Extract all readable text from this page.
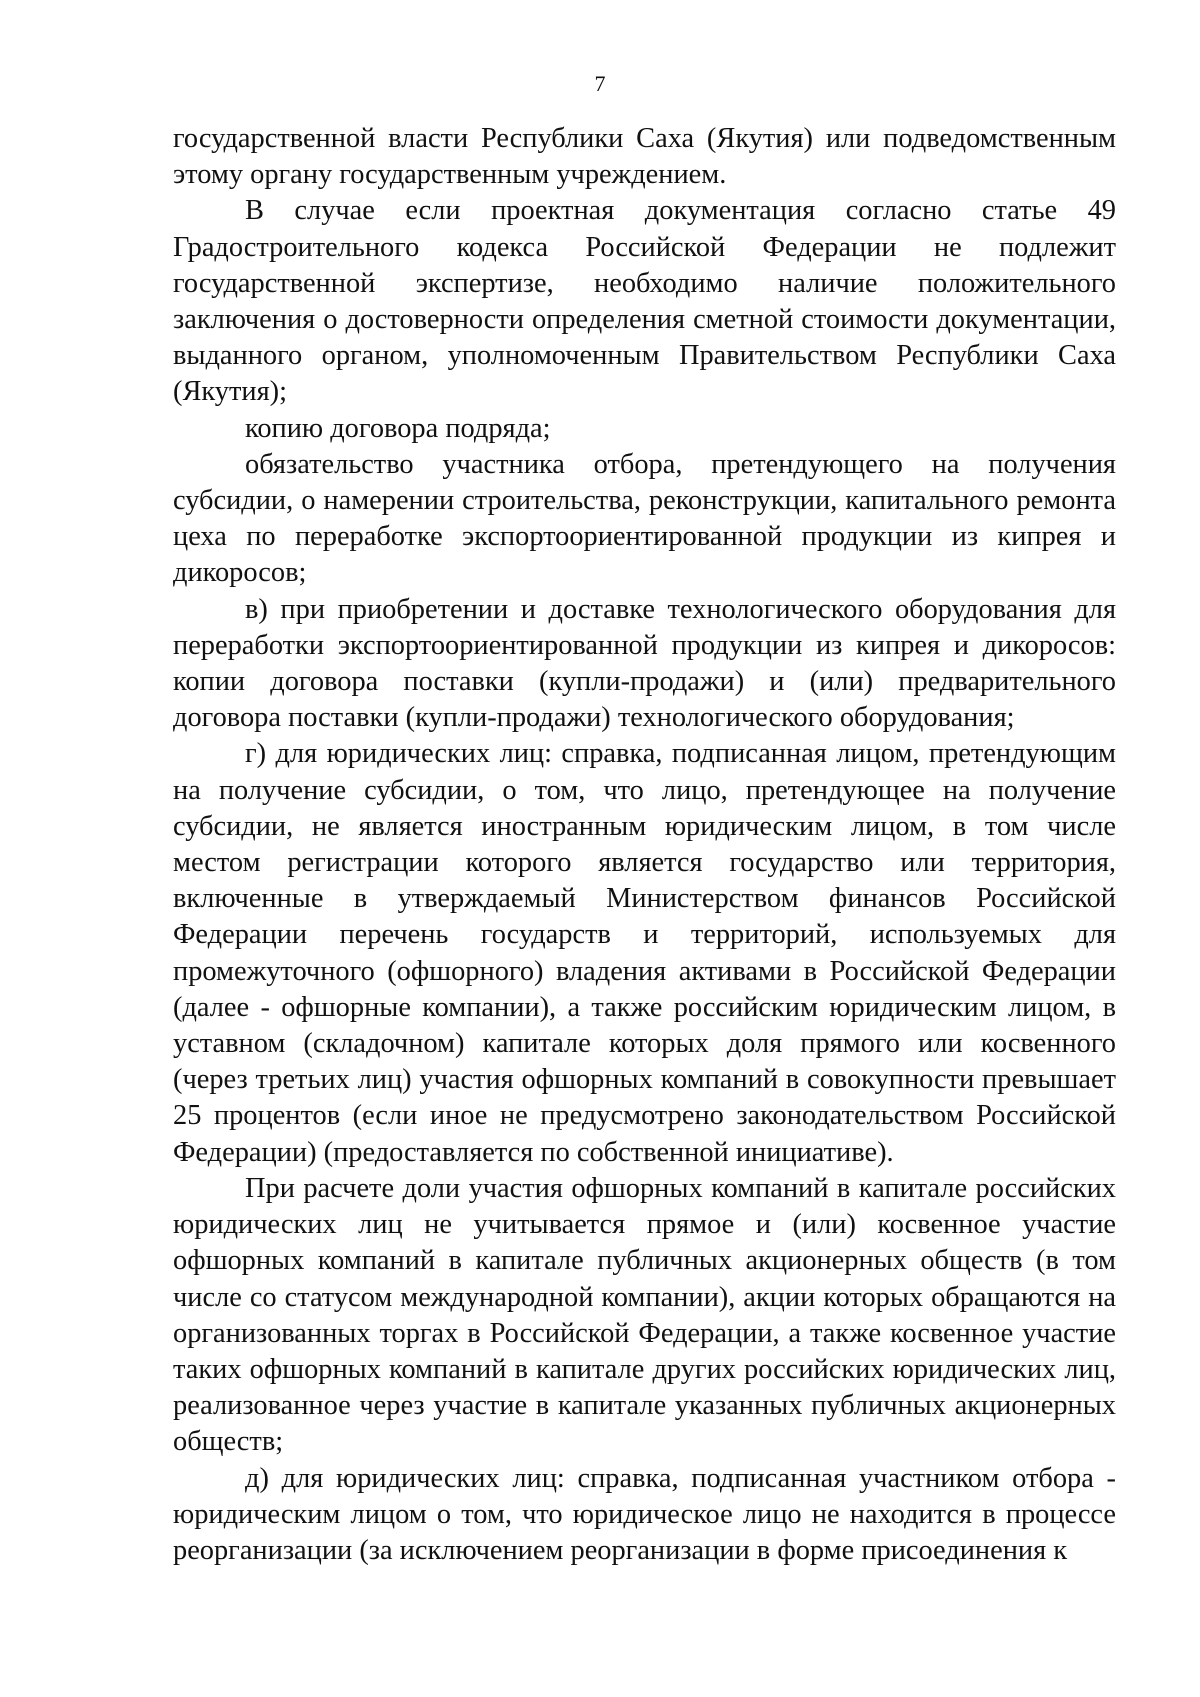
7

государственной власти Республики Саха (Якутия) или подведомственным этому органу государственным учреждением.

В случае если проектная документация согласно статье 49 Градостроительного кодекса Российской Федерации не подлежит государственной экспертизе, необходимо наличие положительного заключения о достоверности определения сметной стоимости документации, выданного органом, уполномоченным Правительством Республики Саха (Якутия);

копию договора подряда;

обязательство участника отбора, претендующего на получения субсидии, о намерении строительства, реконструкции, капитального ремонта цеха по переработке экспортоориентированной продукции из кипрея и дикоросов;

в) при приобретении и доставке технологического оборудования для переработки экспортоориентированной продукции из кипрея и дикоросов: копии договора поставки (купли-продажи) и (или) предварительного договора поставки (купли-продажи) технологического оборудования;

г) для юридических лиц: справка, подписанная лицом, претендующим на получение субсидии, о том, что лицо, претендующее на получение субсидии, не является иностранным юридическим лицом, в том числе местом регистрации которого является государство или территория, включенные в утверждаемый Министерством финансов Российской Федерации перечень государств и территорий, используемых для промежуточного (офшорного) владения активами в Российской Федерации (далее - офшорные компании), а также российским юридическим лицом, в уставном (складочном) капитале которых доля прямого или косвенного (через третьих лиц) участия офшорных компаний в совокупности превышает 25 процентов (если иное не предусмотрено законодательством Российской Федерации) (предоставляется по собственной инициативе).

При расчете доли участия офшорных компаний в капитале российских юридических лиц не учитывается прямое и (или) косвенное участие офшорных компаний в капитале публичных акционерных обществ (в том числе со статусом международной компании), акции которых обращаются на организованных торгах в Российской Федерации, а также косвенное участие таких офшорных компаний в капитале других российских юридических лиц, реализованное через участие в капитале указанных публичных акционерных обществ;

д) для юридических лиц: справка, подписанная участником отбора - юридическим лицом о том, что юридическое лицо не находится в процессе реорганизации (за исключением реорганизации в форме присоединения к
